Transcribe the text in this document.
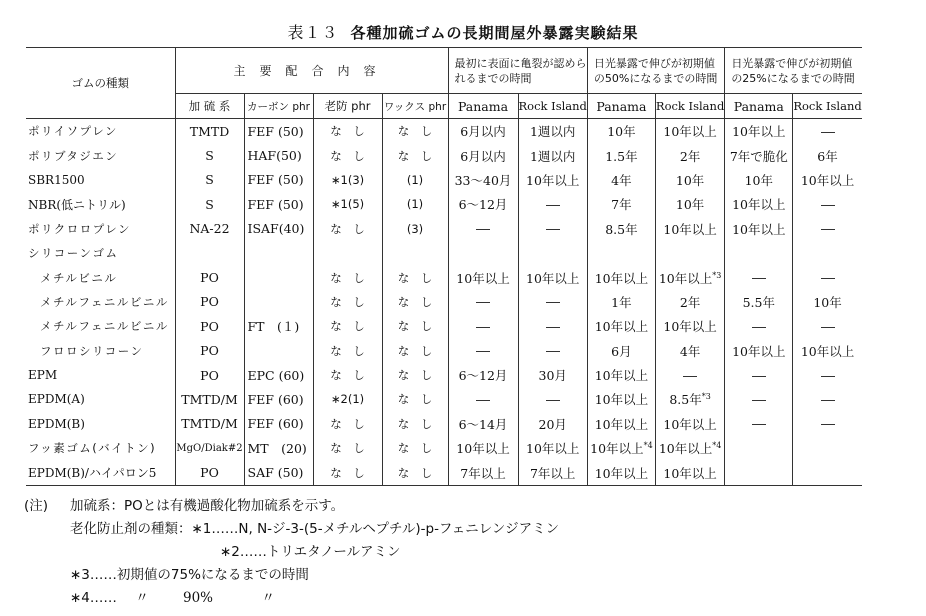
表１３ 各種加硫ゴムの長期間屋外暴露実験結果
ゴムの種類	主要配合内容				最初に表面に亀裂が認められるまでの時間		日光暴露で伸びが初期値の50%になるまでの時間		日光暴露で伸びが初期値の25%になるまでの時間	
	加 硫 系	カーボン phr	老防 phr	ワックス phr	Panama	Rock Island	Panama	Rock Island	Panama	Rock Island
ポリイソプレン	TMTD	FEF (50)	な　し	な　し	6月以内	1週以内	10年	10年以上	10年以上	
ポリブタジエン	S	HAF(50)	な　し	な　し	6月以内	1週以内	1.5年	2年	7年で脆化	6年
SBR1500	S	FEF (50)	∗1(3)	(1)	33～40月	10年以上	4年	10年	10年	10年以上
NBR(低ニトリル)	S	FEF (50)	∗1(5)	(1)	6～12月		7年	10年	10年以上	
ポリクロロプレン	NA-22	ISAF(40)	な　し	(3)			8.5年	10年以上	10年以上	
シリコーンゴム										
メチルビニル	PO		な　し	な　し	10年以上	10年以上	10年以上	10年以上$^{*3}$		
メチルフェニルビニル	PO		な　し	な　し			1年	2年	5.5年	10年
メチルフェニルビニル	PO	FT　(１)	な　し	な　し			10年以上	10年以上		
フロロシリコーン	PO		な　し	な　し			6月	4年	10年以上	10年以上
EPM	PO	EPC (60)	な　し	な　し	6～12月	30月	10年以上			
EPDM(A)	TMTD/M	FEF (60)	∗2(1)	な　し			10年以上	8.5年$^{*3}$		
EPDM(B)	TMTD/M	FEF (60)	な　し	な　し	6～14月	20月	10年以上	10年以上		
フッ素ゴム(バイトン)	MgO/Diak#2	MT　(20)	な　し	な　し	10年以上	10年以上	10年以上$^{*4}$	10年以上$^{*4}$		
EPDM(B)/ハイパロン5	PO	SAF (50)	な　し	な　し	7年以上	7年以上	10年以上	10年以上		
(注) 加硫系：POとは有機過酸化物加硫系を示す。
老化防止剤の種類：∗1……N, N-ジ-3-(5-メチルヘプチル)-p-フェニレンジアミン
∗2……トリエタノールアミン
∗3……初期値の75%になるまでの時間
∗4…… 〃	90%	〃
